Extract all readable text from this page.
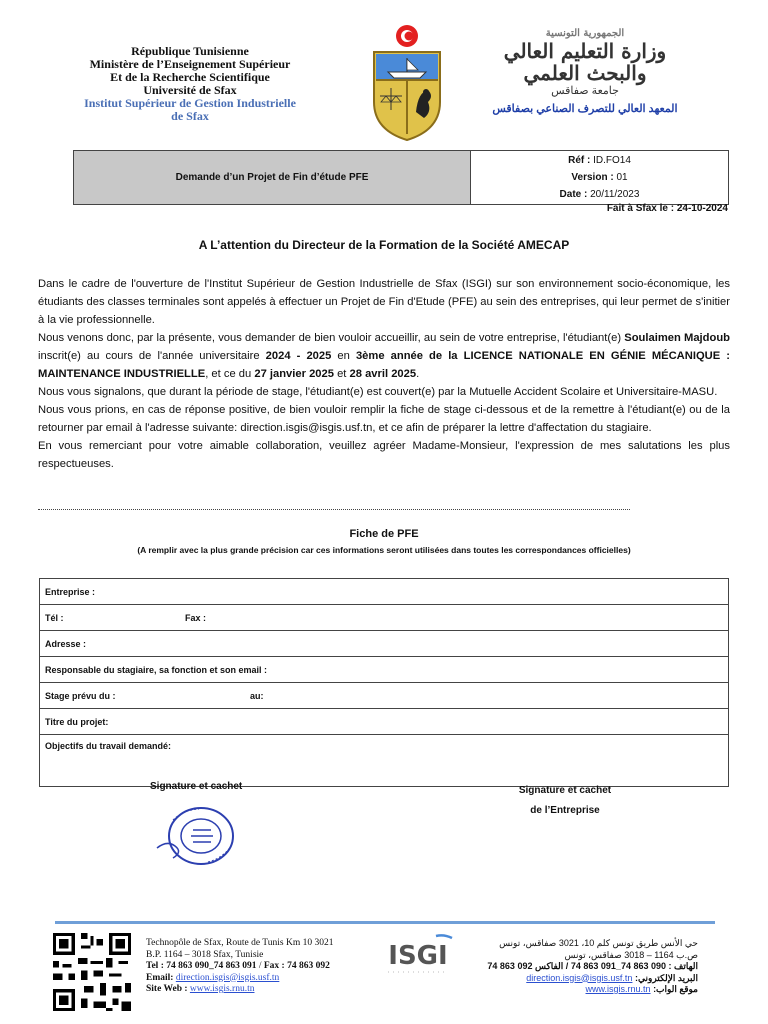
République Tunisienne
Ministère de l’Enseignement Supérieur
Et de la Recherche Scientifique
Université de Sfax
Institut Supérieur de Gestion Industrielle
de Sfax
الجمهورية التونسية
وزارة التعليم العالي
والبحث العلمي
جامعة صفاقس
المعهد العالي للتصرف الصناعي بصفاقس
Demande d’un Projet de Fin d’étude PFE	
Réf : ID.FO14
Version : 01
Date : 20/11/2023
Fait à Sfax le : 24-10-2024
A L’attention du Directeur de la Formation de la Société AMECAP

Dans le cadre de l'ouverture de l'Institut Supérieur de Gestion Industrielle de Sfax (ISGI) sur son environnement socio-économique, les étudiants des classes terminales sont appelés à effectuer un Projet de Fin d'Etude (PFE) au sein des entreprises, qui leur permet de s'initier à la vie professionnelle.

Nous venons donc, par la présente, vous demander de bien vouloir accueillir, au sein de votre entreprise, l'étudiant(e) Soulaimen Majdoub inscrit(e) au cours de l'année universitaire 2024 - 2025 en 3ème année de la LICENCE NATIONALE EN GÉNIE MÉCANIQUE : MAINTENANCE INDUSTRIELLE, et ce du 27 janvier 2025 et 28 avril 2025.

Nous vous signalons, que durant la période de stage, l'étudiant(e) est couvert(e) par la Mutuelle Accident Scolaire et Universitaire-MASU.

Nous vous prions, en cas de réponse positive, de bien vouloir remplir la fiche de stage ci-dessous et de la remettre à l'étudiant(e) ou de la retourner par email à l'adresse suivante: direction.isgis@isgis.usf.tn, et ce afin de préparer la lettre d'affectation du stagiaire.

En vous remerciant pour votre aimable collaboration, veuillez agréer Madame-Monsieur, l'expression de mes salutations les plus respectueuses.

Fiche de PFE
(A remplir avec la plus grande précision car ces informations seront utilisées dans toutes les correspondances officielles)
Entreprise :
Tél :	Fax :
Adresse :
Responsable du stagiaire, sa fonction et son email :
Stage prévu du :	au:
Titre du projet:
Objectifs du travail demandé:
Signature et cachet	Signature et cachet
de l’Entreprise
Technopôle de Sfax, Route de Tunis Km 10 3021
B.P. 1164 – 3018 Sfax, Tunisie
Tel : 74 863 090_74 863 091 / Fax : 74 863 092
Email: direction.isgis@isgis.usf.tn
Site Web : www.isgis.rnu.tn
ISGI	حي الأنس طريق تونس كلم 10، 3021 صفاقس، تونس
ص.ب 1164 – 3018 صفاقس، تونس
الهاتف : 090 863 74_091 863 74 / الفاكس 092 863 74
البريد الإلكتروني: direction.isgis@isgis.usf.tn
موقع الواب: www.isgis.rnu.tn
